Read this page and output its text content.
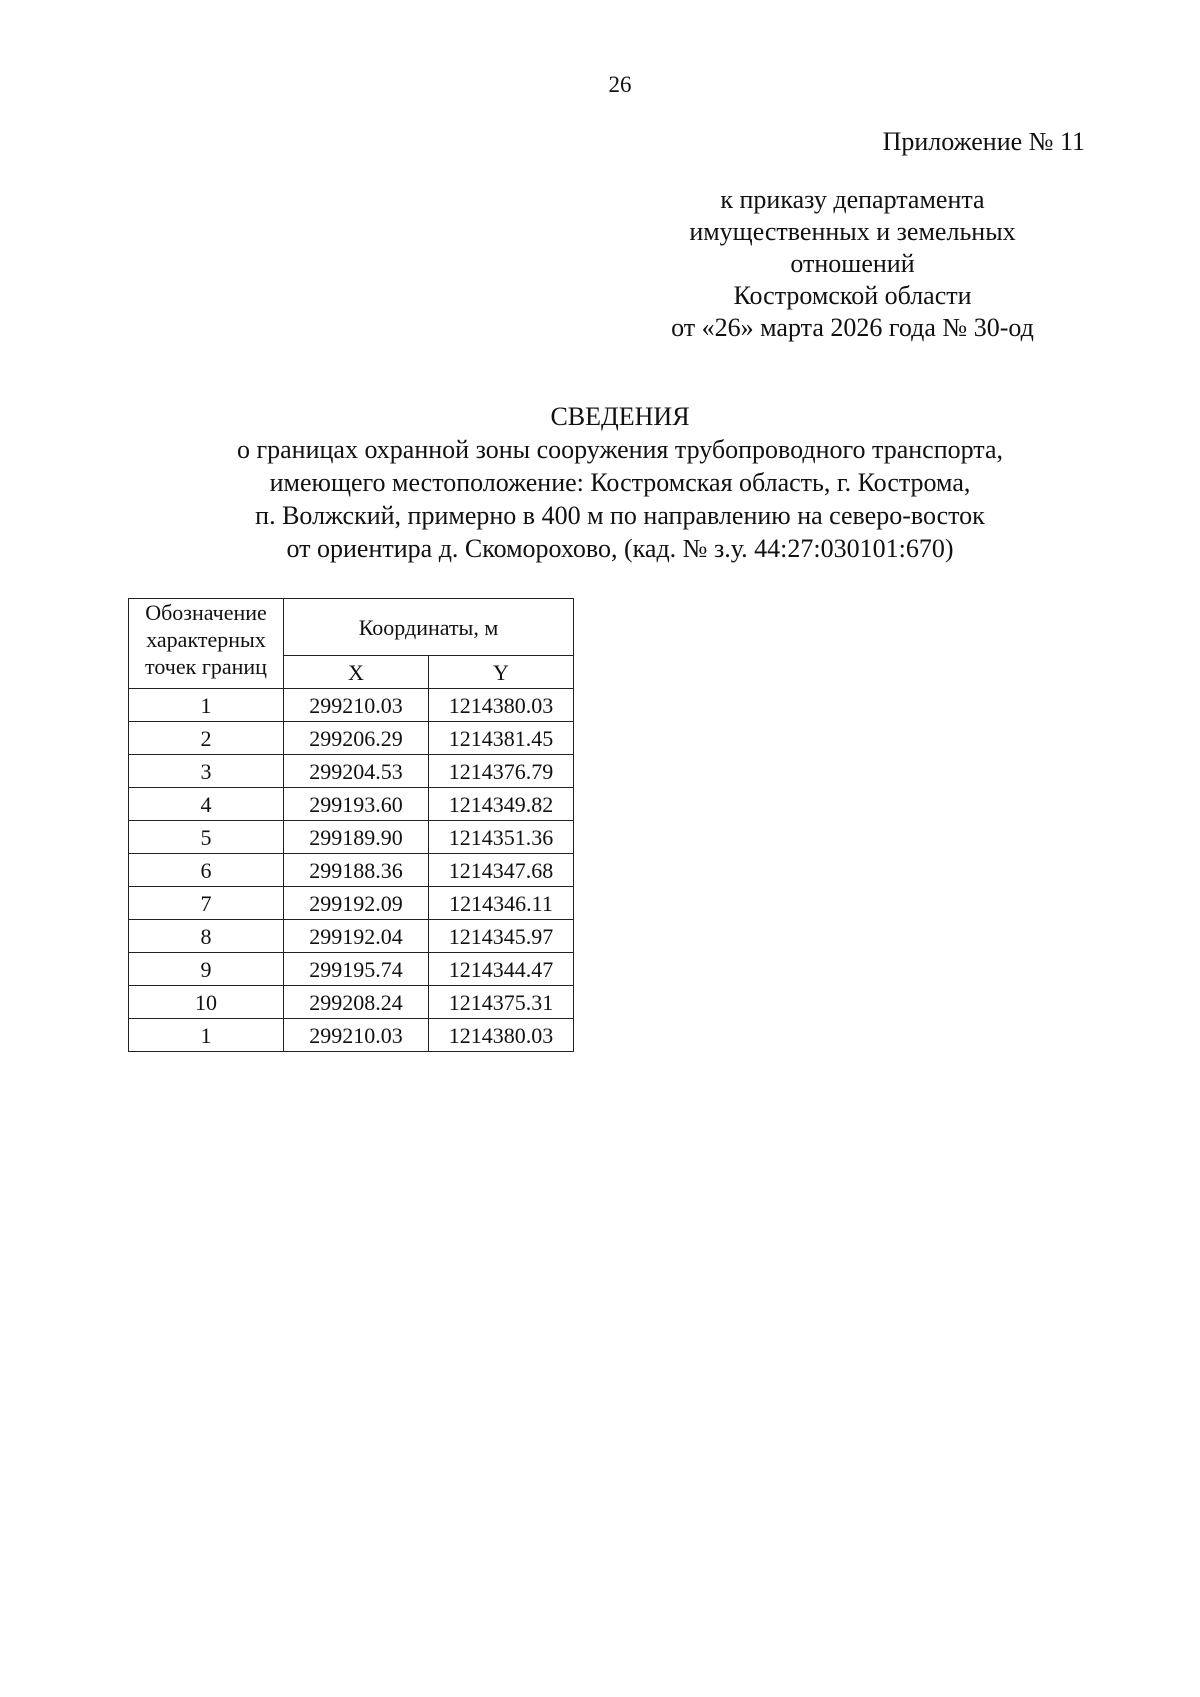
26
Приложение № 11
к приказу департамента
имущественных и земельных
отношений
Костромской области
от «26» марта 2026 года № 30-од
СВЕДЕНИЯ
о границах охранной зоны сооружения трубопроводного транспорта,
имеющего местоположение: Костромская область, г. Кострома,
п. Волжский, примерно в 400 м по направлению на северо-восток
от ориентира д. Скоморохово, (кад. № з.у. 44:27:030101:670)
Обозначение
характерных
точек границ	Координаты, м	
	X	Y
1	299210.03	1214380.03
2	299206.29	1214381.45
3	299204.53	1214376.79
4	299193.60	1214349.82
5	299189.90	1214351.36
6	299188.36	1214347.68
7	299192.09	1214346.11
8	299192.04	1214345.97
9	299195.74	1214344.47
10	299208.24	1214375.31
1	299210.03	1214380.03
